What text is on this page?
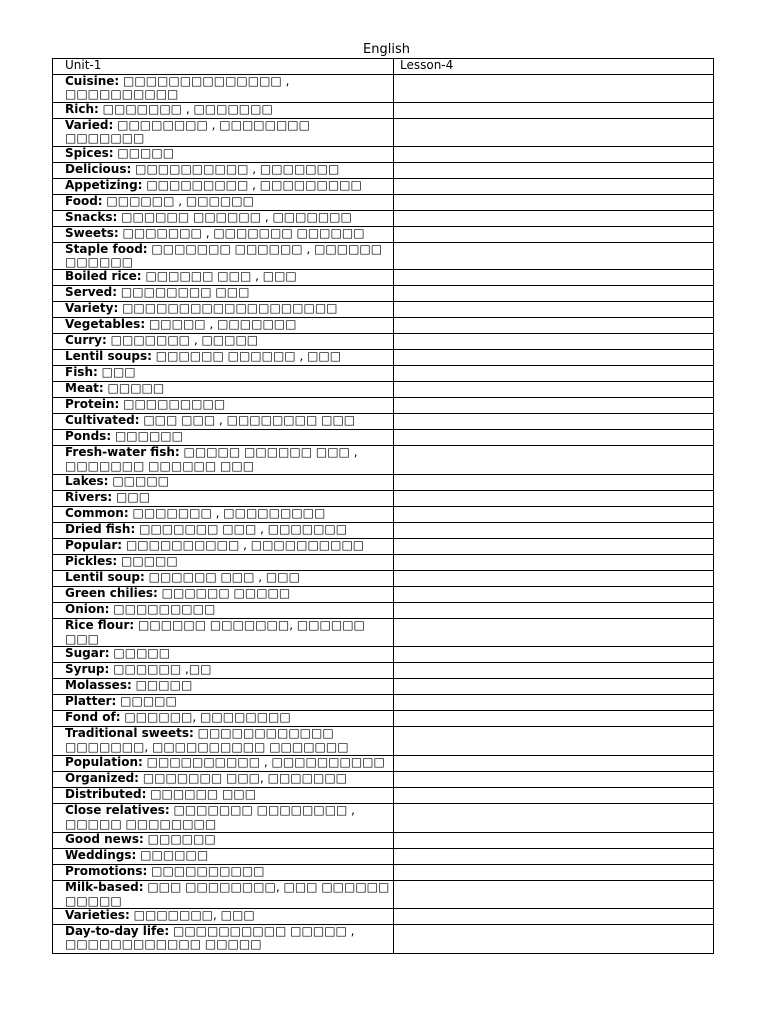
English
Unit-1	Lesson-4
Cuisine: □□□□□□□□□□□□□□ , □□□□□□□□□□	
Rich: □□□□□□□ , □□□□□□□	
Varied: □□□□□□□□ , □□□□□□□□ □□□□□□□	
Spices: □□□□□	
Delicious: □□□□□□□□□□ , □□□□□□□	
Appetizing: □□□□□□□□□ , □□□□□□□□□	
Food: □□□□□□ , □□□□□□	
Snacks: □□□□□□ □□□□□□ , □□□□□□□	
Sweets: □□□□□□□ , □□□□□□□ □□□□□□	
Staple food: □□□□□□□ □□□□□□ , □□□□□□ □□□□□□	
Boiled rice: □□□□□□ □□□ , □□□	
Served: □□□□□□□□ □□□	
Variety: □□□□□□□□□□□□□□□□□□□	
Vegetables: □□□□□ , □□□□□□□	
Curry: □□□□□□□ , □□□□□	
Lentil soups: □□□□□□ □□□□□□ , □□□	
Fish: □□□	
Meat: □□□□□	
Protein: □□□□□□□□□	
Cultivated: □□□ □□□ , □□□□□□□□ □□□	
Ponds: □□□□□□	
Fresh-water fish: □□□□□ □□□□□□ □□□ , □□□□□□□ □□□□□□ □□□	
Lakes: □□□□□	
Rivers: □□□	
Common: □□□□□□□ , □□□□□□□□□	
Dried fish: □□□□□□□ □□□ , □□□□□□□	
Popular: □□□□□□□□□□ , □□□□□□□□□□	
Pickles: □□□□□	
Lentil soup: □□□□□□ □□□ , □□□	
Green chilies: □□□□□□ □□□□□	
Onion: □□□□□□□□□	
Rice flour: □□□□□□ □□□□□□□, □□□□□□ □□□	
Sugar: □□□□□	
Syrup: □□□□□□ ,□□	
Molasses: □□□□□	
Platter: □□□□□	
Fond of: □□□□□□, □□□□□□□□	
Traditional sweets: □□□□□□□□□□□□ □□□□□□□, □□□□□□□□□□ □□□□□□□	
Population: □□□□□□□□□□ , □□□□□□□□□□	
Organized: □□□□□□□ □□□, □□□□□□□	
Distributed: □□□□□□ □□□	
Close relatives: □□□□□□□ □□□□□□□□ , □□□□□ □□□□□□□□	
Good news: □□□□□□	
Weddings: □□□□□□	
Promotions: □□□□□□□□□□	
Milk-based: □□□ □□□□□□□□, □□□ □□□□□□ □□□□□	
Varieties: □□□□□□□, □□□	
Day-to-day life: □□□□□□□□□□ □□□□□ , □□□□□□□□□□□□ □□□□□	
